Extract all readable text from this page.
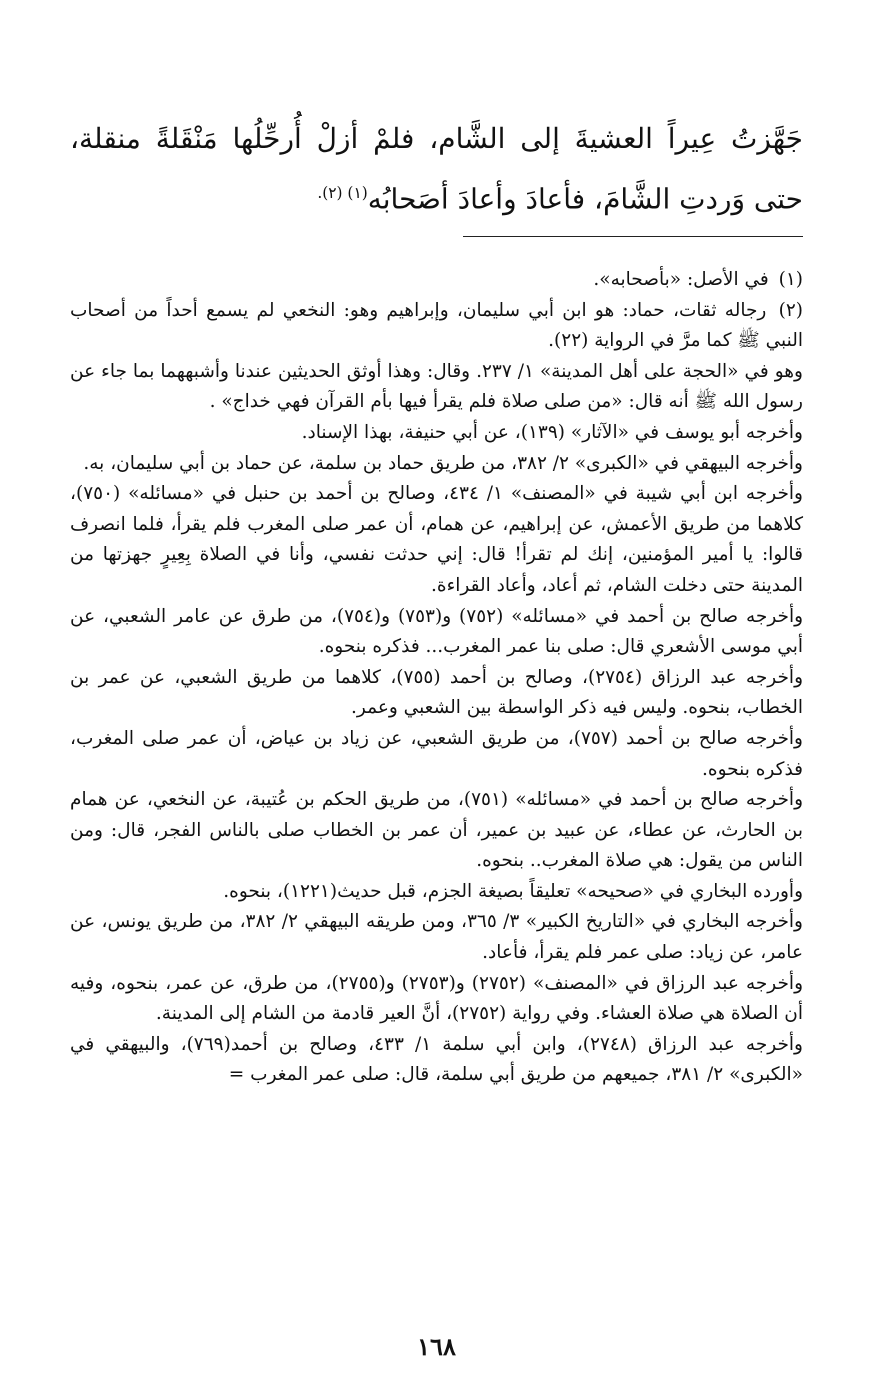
جَهَّزتُ عِيراً العشيةَ إلى الشَّام، فلمْ أزلْ أُرحِّلُها مَنْقَلةً منقلة، حتى وَردتِ الشَّامَ، فأعادَ وأعادَ أصَحابُه$^{(١) (٢).}$

(١) في الأصل: «بأصحابه».

(٢) رجاله ثقات، حماد: هو ابن أبي سليمان، وإبراهيم وهو: النخعي لم يسمع أحداً من أصحاب النبي ﷺ كما مرَّ في الرواية (٢٢).

وهو في «الحجة على أهل المدينة» ١/ ٢٣٧. وقال: وهذا أوثق الحديثين عندنا وأشبههما بما جاء عن رسول الله ﷺ أنه قال: «من صلى صلاة فلم يقرأ فيها بأم القرآن فهي خداج» .

وأخرجه أبو يوسف في «الآثار» (١٣٩)، عن أبي حنيفة، بهذا الإسناد.

وأخرجه البيهقي في «الكبرى» ٢/ ٣٨٢، من طريق حماد بن سلمة، عن حماد بن أبي سليمان، به.

وأخرجه ابن أبي شيبة في «المصنف» ١/ ٤٣٤، وصالح بن أحمد بن حنبل في «مسائله» (٧٥٠)، كلاهما من طريق الأعمش، عن إبراهيم، عن همام، أن عمر صلى المغرب فلم يقرأ، فلما انصرف قالوا: يا أمير المؤمنين، إنك لم تقرأ! قال: إني حدثت نفسي، وأنا في الصلاة بِعِيرٍ جهزتها من المدينة حتى دخلت الشام، ثم أعاد، وأعاد القراءة.

وأخرجه صالح بن أحمد في «مسائله» (٧٥٢) و(٧٥٣) و(٧٥٤)، من طرق عن عامر الشعبي، عن أبي موسى الأشعري قال: صلى بنا عمر المغرب... فذكره بنحوه.

وأخرجه عبد الرزاق (٢٧٥٤)، وصالح بن أحمد (٧٥٥)، كلاهما من طريق الشعبي، عن عمر بن الخطاب، بنحوه. وليس فيه ذكر الواسطة بين الشعبي وعمر.

وأخرجه صالح بن أحمد (٧٥٧)، من طريق الشعبي، عن زياد بن عياض، أن عمر صلى المغرب، فذكره بنحوه.

وأخرجه صالح بن أحمد في «مسائله» (٧٥١)، من طريق الحكم بن عُتيبة، عن النخعي، عن همام بن الحارث، عن عطاء، عن عبيد بن عمير، أن عمر بن الخطاب صلى بالناس الفجر، قال: ومن الناس من يقول: هي صلاة المغرب.. بنحوه.

وأورده البخاري في «صحيحه» تعليقاً بصيغة الجزم، قبل حديث(١٢٢١)، بنحوه.

وأخرجه البخاري في «التاريخ الكبير» ٣/ ٣٦٥، ومن طريقه البيهقي ٢/ ٣٨٢، من طريق يونس، عن عامر، عن زياد: صلى عمر فلم يقرأ، فأعاد.

وأخرجه عبد الرزاق في «المصنف» (٢٧٥٢) و(٢٧٥٣) و(٢٧٥٥)، من طرق، عن عمر، بنحوه، وفيه أن الصلاة هي صلاة العشاء. وفي رواية (٢٧٥٢)، أنَّ العير قادمة من الشام إلى المدينة.

وأخرجه عبد الرزاق (٢٧٤٨)، وابن أبي سلمة ١/ ٤٣٣، وصالح بن أحمد(٧٦٩)، والبيهقي في «الكبرى» ٢/ ٣٨١، جميعهم من طريق أبي سلمة، قال: صلى عمر المغرب =

١٦٨
